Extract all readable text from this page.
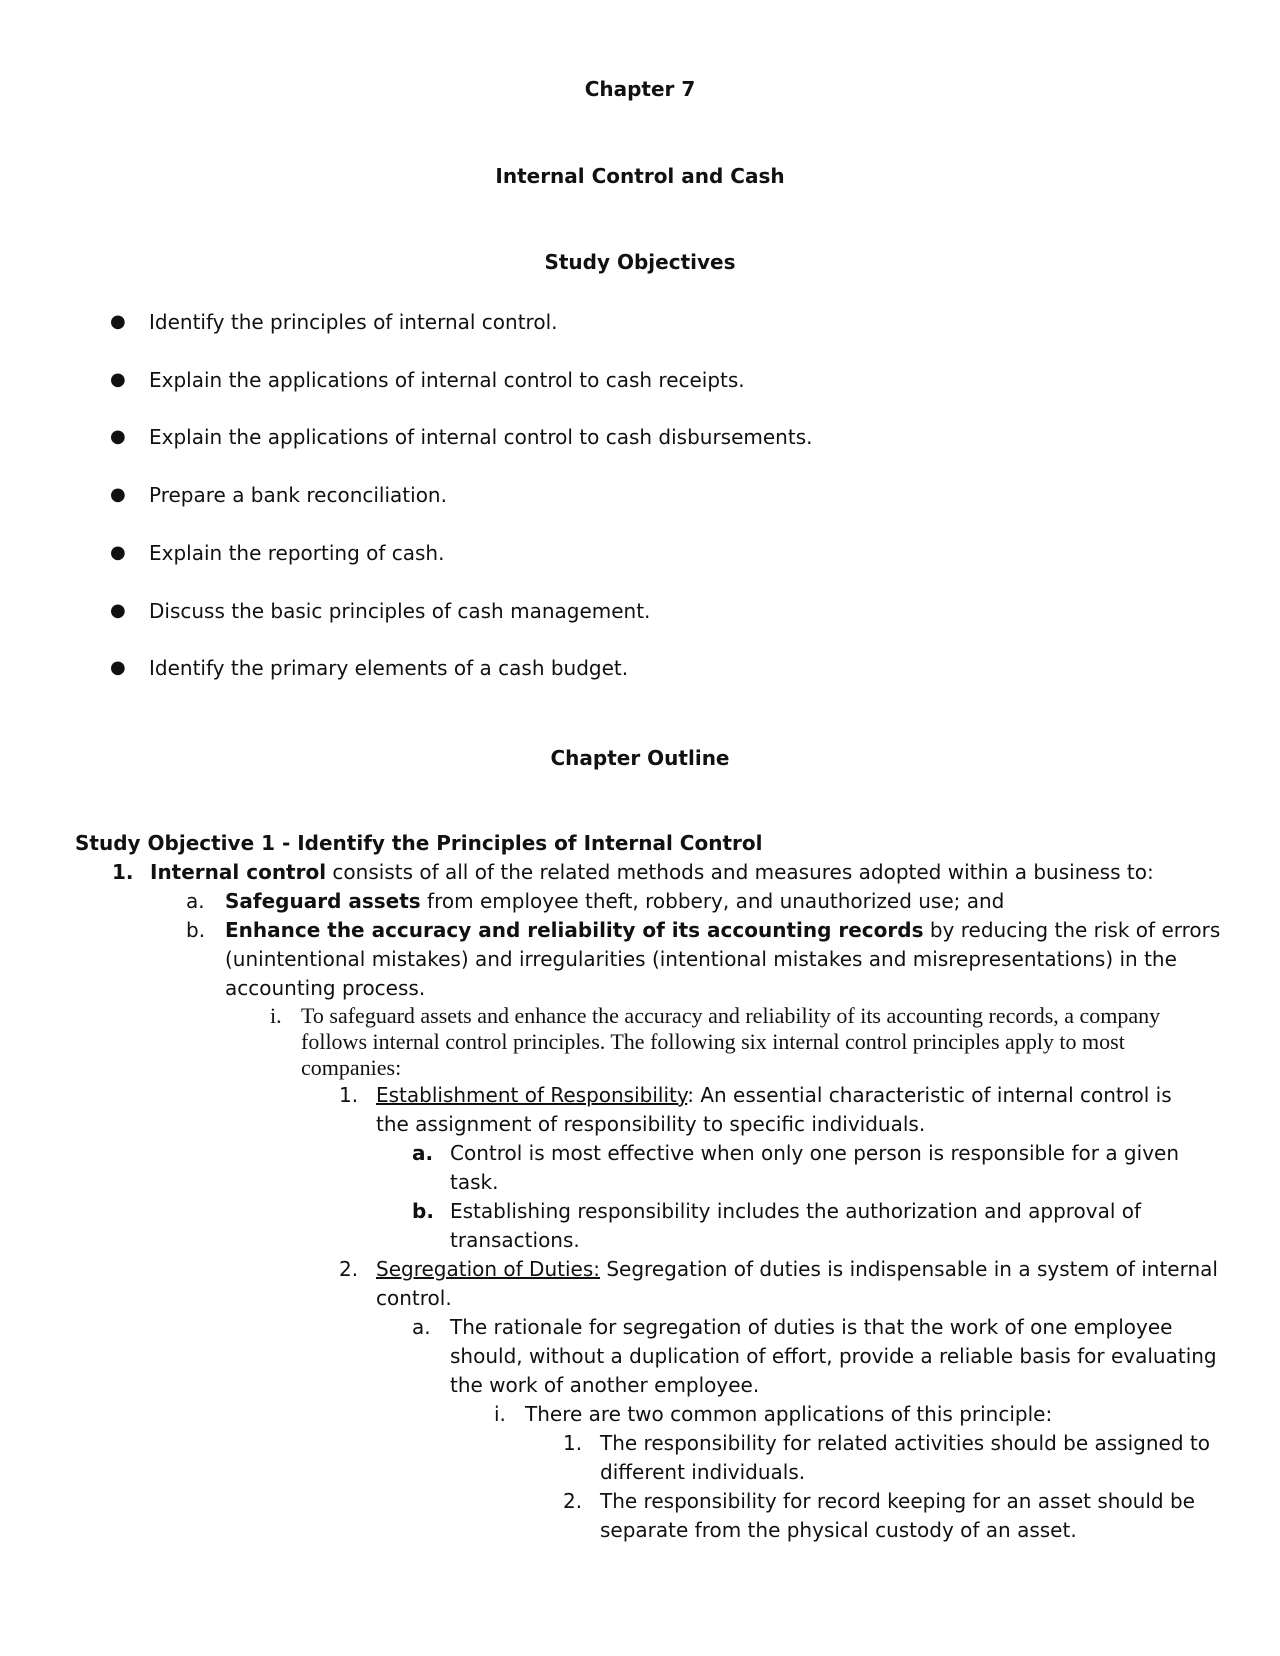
Chapter 7
Internal Control and Cash
Study Objectives
● Identify the principles of internal control.
● Explain the applications of internal control to cash receipts.
● Explain the applications of internal control to cash disbursements.
● Prepare a bank reconciliation.
● Explain the reporting of cash.
● Discuss the basic principles of cash management.
● Identify the primary elements of a cash budget.
Chapter Outline
Study Objective 1 - Identify the Principles of Internal Control
1. Internal control consists of all of the related methods and measures adopted within a business to:
a. Safeguard assets from employee theft, robbery, and unauthorized use; and
b. Enhance the accuracy and reliability of its accounting records by reducing the risk of errors
(unintentional mistakes) and irregularities (intentional mistakes and misrepresentations) in the
accounting process.
i. To safeguard assets and enhance the accuracy and reliability of its accounting records, a company
follows internal control principles. The following six internal control principles apply to most
companies:
1. Establishment of Responsibility: An essential characteristic of internal control is
the assignment of responsibility to specific individuals.
a. Control is most effective when only one person is responsible for a given
task.
b. Establishing responsibility includes the authorization and approval of
transactions.
2. Segregation of Duties: Segregation of duties is indispensable in a system of internal
control.
a. The rationale for segregation of duties is that the work of one employee
should, without a duplication of effort, provide a reliable basis for evaluating
the work of another employee.
i. There are two common applications of this principle:
1. The responsibility for related activities should be assigned to
different individuals.
2. The responsibility for record keeping for an asset should be
separate from the physical custody of an asset.
